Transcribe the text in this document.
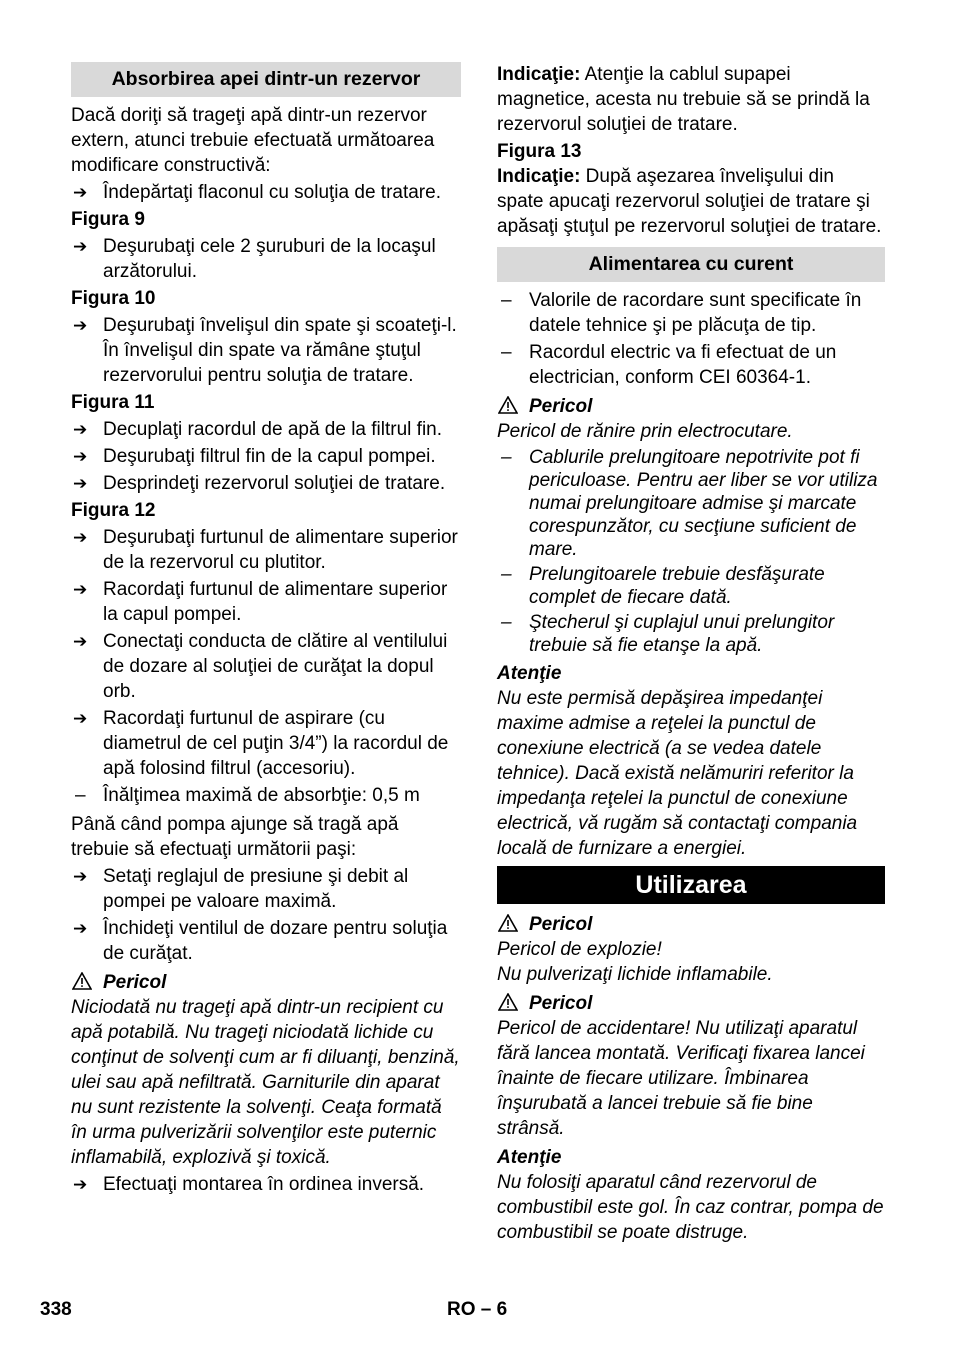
Absorbirea apei dintr-un rezervor

Dacă doriţi să trageţi apă dintr-un rezervor extern, atunci trebuie efectuată următoarea modificare constructivă:

➔ Îndepărtaţi flaconul cu soluţia de tratare.
Figura 9
➔ Deşurubaţi cele 2 şuruburi de la locaşul arzătorului.
Figura 10
➔ Deşurubaţi învelişul din spate şi scoateţi-l. În învelişul din spate va rămâne ştuţul rezervorului pentru soluţia de tratare.
Figura 11
➔ Decuplaţi racordul de apă de la filtrul fin.
➔ Deşurubaţi filtrul fin de la capul pompei.
➔ Desprindeţi rezervorul soluţiei de tratare.
Figura 12
➔ Deşurubaţi furtunul de alimentare superior de la rezervorul cu plutitor.
➔ Racordaţi furtunul de alimentare superior la capul pompei.
➔ Conectaţi conducta de clătire al ventilului de dozare al soluţiei de curăţat la dopul orb.
➔ Racordaţi furtunul de aspirare (cu diametrul de cel puţin 3/4”) la racordul de apă folosind filtrul (accesoriu).
– Înălţimea maximă de absorbţie: 0,5 m

Până când pompa ajunge să tragă apă trebuie să efectuaţi următorii paşi:

➔ Setaţi reglajul de presiune şi debit al pompei pe valoare maximă.
➔ Închideţi ventilul de dozare pentru soluţia de curăţat.
Pericol

Niciodată nu trageţi apă dintr-un recipient cu apă potabilă. Nu trageţi niciodată lichide cu conţinut de solvenţi cum ar fi diluanţi, benzină, ulei sau apă nefiltrată. Garniturile din aparat nu sunt rezistente la solvenţi. Ceaţa formată în urma pulverizării solvenţilor este puternic inflamabilă, explozivă şi toxică.

➔ Efectuaţi montarea în ordinea inversă.

Indicaţie: Atenţie la cablul supapei magnetice, acesta nu trebuie să se prindă la rezervorul soluţiei de tratare.

Figura 13

Indicaţie: După aşezarea învelişului din spate apucaţi rezervorul soluţiei de tratare şi apăsaţi ştuţul pe rezervorul soluţiei de tratare.

Alimentarea cu curent
– Valorile de racordare sunt specificate în datele tehnice şi pe plăcuţa de tip.
– Racordul electric va fi efectuat de un electrician, conform CEI 60364-1.
Pericol

Pericol de rănire prin electrocutare.

– Cablurile prelungitoare nepotrivite pot fi periculoase. Pentru aer liber se vor utiliza numai prelungitoare admise şi marcate corespunzător, cu secţiune suficient de mare.
– Prelungitoarele trebuie desfăşurate complet de fiecare dată.
– Ştecherul şi cuplajul unui prelungitor trebuie să fie etanşe la apă.
Atenţie

Nu este permisă depăşirea impedanţei maxime admise a reţelei la punctul de conexiune electrică (a se vedea datele tehnice). Dacă există nelămuriri referitor la impedanţa reţelei la punctul de conexiune electrică, vă rugăm să contactaţi compania locală de furnizare a energiei.

Utilizarea
Pericol

Pericol de explozie!

Nu pulverizaţi lichide inflamabile.

Pericol

Pericol de accidentare! Nu utilizaţi aparatul fără lancea montată. Verificaţi fixarea lancei înainte de fiecare utilizare. Îmbinarea înşurubată a lancei trebuie să fie bine strânsă.

Atenţie

Nu folosiţi aparatul când rezervorul de combustibil este gol. În caz contrar, pompa de combustibil se poate distruge.

338	RO – 6
